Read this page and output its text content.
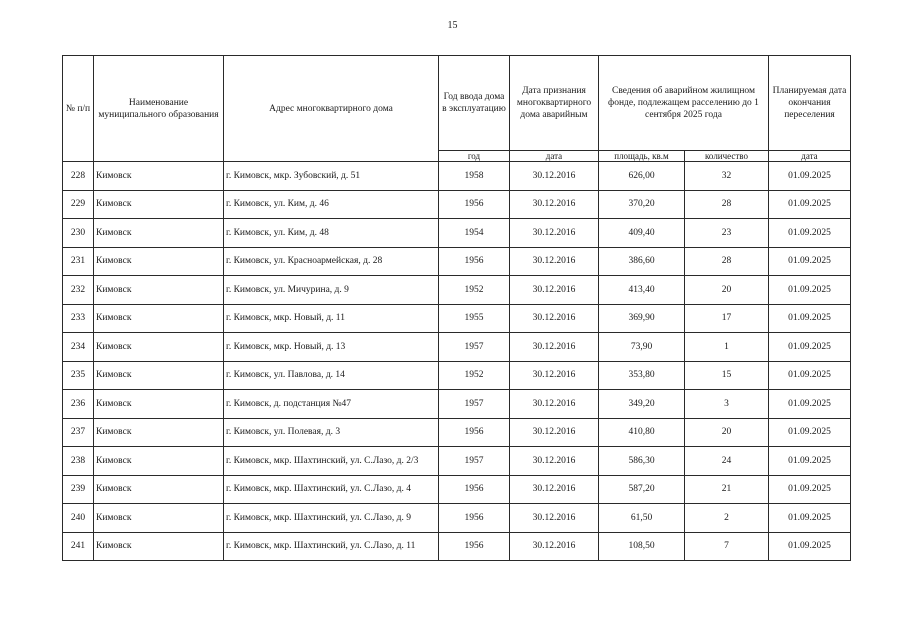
15
№ п/п	Наименование муниципального образования	Адрес многоквартирного дома	Год ввода дома в эксплуатацию	Дата признания многоквартирного дома аварийным	Сведения об аварийном жилищном фонде, подлежащем расселению до 1 сентября 2025 года		Планируемая дата окончания переселения
			год	дата	площадь, кв.м	количество	дата
228	Кимовск	г. Кимовск, мкр. Зубовский, д. 51	1958	30.12.2016	626,00	32	01.09.2025
229	Кимовск	г. Кимовск, ул. Ким, д. 46	1956	30.12.2016	370,20	28	01.09.2025
230	Кимовск	г. Кимовск, ул. Ким, д. 48	1954	30.12.2016	409,40	23	01.09.2025
231	Кимовск	г. Кимовск, ул. Красноармейская, д. 28	1956	30.12.2016	386,60	28	01.09.2025
232	Кимовск	г. Кимовск, ул. Мичурина, д. 9	1952	30.12.2016	413,40	20	01.09.2025
233	Кимовск	г. Кимовск, мкр. Новый, д. 11	1955	30.12.2016	369,90	17	01.09.2025
234	Кимовск	г. Кимовск, мкр. Новый, д. 13	1957	30.12.2016	73,90	1	01.09.2025
235	Кимовск	г. Кимовск, ул. Павлова, д. 14	1952	30.12.2016	353,80	15	01.09.2025
236	Кимовск	г. Кимовск, д. подстанция №47	1957	30.12.2016	349,20	3	01.09.2025
237	Кимовск	г. Кимовск, ул. Полевая, д. 3	1956	30.12.2016	410,80	20	01.09.2025
238	Кимовск	г. Кимовск, мкр. Шахтинский, ул. С.Лазо, д. 2/3	1957	30.12.2016	586,30	24	01.09.2025
239	Кимовск	г. Кимовск, мкр. Шахтинский, ул. С.Лазо, д. 4	1956	30.12.2016	587,20	21	01.09.2025
240	Кимовск	г. Кимовск, мкр. Шахтинский, ул. С.Лазо, д. 9	1956	30.12.2016	61,50	2	01.09.2025
241	Кимовск	г. Кимовск, мкр. Шахтинский, ул. С.Лазо, д. 11	1956	30.12.2016	108,50	7	01.09.2025
